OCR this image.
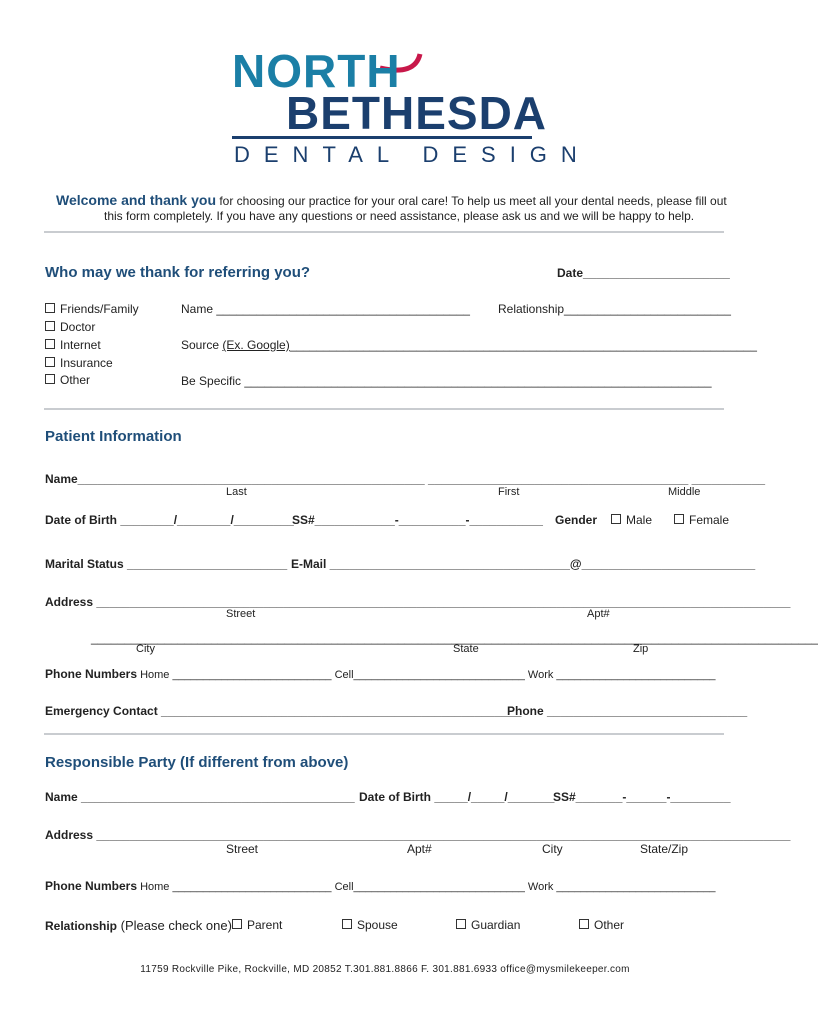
NORTH
BETHESDA
DENTAL DESIGN
Welcome and thank you for choosing our practice for your oral care! To help us meet all your dental needs, please fill out
this form completely. If you have any questions or need assistance, please ask us and we will be happy to help.
Who may we thank for referring you?	Date______________________
Friends/Family
Doctor
Internet
Insurance
Other
Name ______________________________________ Relationship_________________________
Source (Ex. Google)______________________________________________________________________
Be Specific ______________________________________________________________________
Patient Information
Name____________________________________________________ _______________________________________ ___________
Last	First	Middle
Date of Birth ________/________/_________
SS#____________-__________-___________ Gender	Male	Female
Marital Status ________________________ E-Mail ____________________________________@__________________________
Address ________________________________________________________________________________________________________
Street	Apt#
_____________________________________________________________________________________________________________
City	State	Zip
Phone Numbers Home __________________________ Cell____________________________ Work __________________________
Emergency Contact ______________________________________________________
Phone ______________________________
Responsible Party (If different from above)
Name _________________________________________ Date of Birth _____/_____/_______
SS#_______-______-_________
Address ________________________________________________________________________________________________________
Street	Apt#	City	State/Zip
Phone Numbers Home __________________________ Cell____________________________ Work __________________________
Relationship (Please check one)	Parent	Spouse	Guardian	Other
11759 Rockville Pike, Rockville, MD 20852 T.301.881.8866 F. 301.881.6933 office@mysmilekeeper.com
